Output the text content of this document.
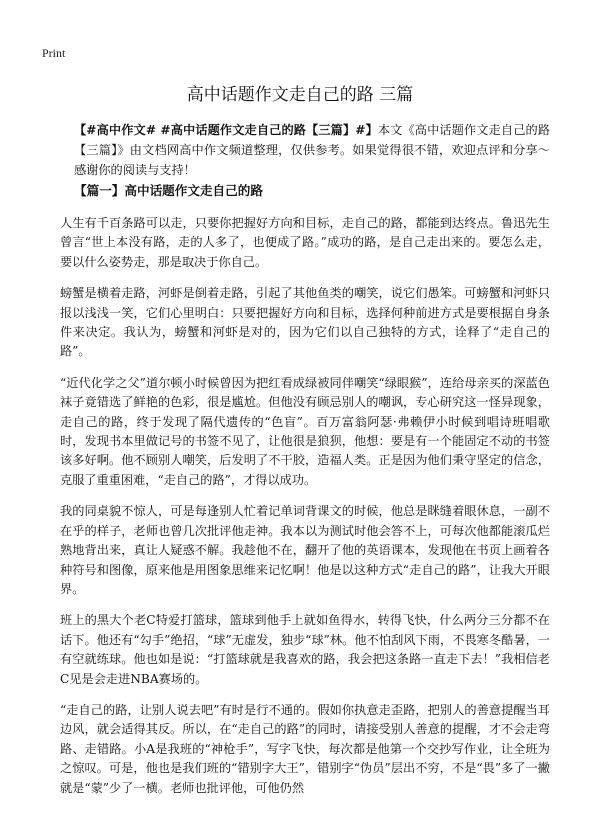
Print
高中话题作文走自己的路 三篇
【#高中作文# #高中话题作文走自己的路【三篇】#】本文《高中话题作文走自己的路【三篇】》由文档网高中作文频道整理，仅供参考。如果觉得很不错，欢迎点评和分享～感谢你的阅读与支持！
【篇一】高中话题作文走自己的路

人生有千百条路可以走，只要你把握好方向和目标，走自己的路，都能到达终点。鲁迅先生曾言“世上本没有路，走的人多了，也便成了路。”成功的路，是自己走出来的。要怎么走，要以什么姿势走，那是取决于你自己。

螃蟹是横着走路，河虾是倒着走路，引起了其他鱼类的嘲笑，说它们愚笨。可螃蟹和河虾只报以浅浅一笑，它们心里明白：只要把握好方向和目标，选择何种前进方式是要根据自身条件来决定。我认为，螃蟹和河虾是对的，因为它们以自己独特的方式，诠释了“走自己的路”。

“近代化学之父”道尔顿小时候曾因为把红看成绿被同伴嘲笑“绿眼猴”，连给母亲买的深蓝色袜子竟错选了鲜艳的色彩，很是尴尬。但他没有顾忌别人的嘲讽，专心研究这一怪异现象，走自己的路，终于发现了隔代遗传的“色盲”。百万富翁阿瑟·弗赖伊小时候到唱诗班唱歌时，发现书本里做记号的书签不见了，让他很是狼狈，他想：要是有一个能固定不动的书签该多好啊。他不顾别人嘲笑，后发明了不干胶，造福人类。正是因为他们秉守坚定的信念，克服了重重困难，“走自己的路”，才得以成功。

我的同桌貌不惊人，可是每逢别人忙着记单词背课文的时候，他总是眯缝着眼休息，一副不在乎的样子，老师也曾几次批评他走神。我本以为测试时他会答不上，可每次他都能滚瓜烂熟地背出来，真让人疑惑不解。我趁他不在，翻开了他的英语课本，发现他在书页上画着各种符号和图像，原来他是用图象思维来记忆啊！他是以这种方式“走自己的路”，让我大开眼界。

班上的黑大个老C特爱打篮球，篮球到他手上就如鱼得水，转得飞快，什么两分三分都不在话下。他还有“勾手”绝招，“球”无虚发，独步“球”林。他不怕刮风下雨，不畏寒冬酷暑，一有空就练球。他也如是说：“打篮球就是我喜欢的路，我会把这条路一直走下去！”我相信老C见是会走进NBA赛场的。

“走自己的路，让别人说去吧”有时是行不通的。假如你执意走歪路，把别人的善意提醒当耳边风，就会适得其反。所以，在“走自己的路”的同时，请接受别人善意的提醒，才不会走弯路、走错路。小A是我班的“神枪手”，写字飞快，每次都是他第一个交抄写作业，让全班为之惊叹。可是，他也是我们班的“错别字大王”，错别字“伪员”层出不穷，不是“畏”多了一撇就是“蒙”少了一横。老师也批评他，可他仍然
